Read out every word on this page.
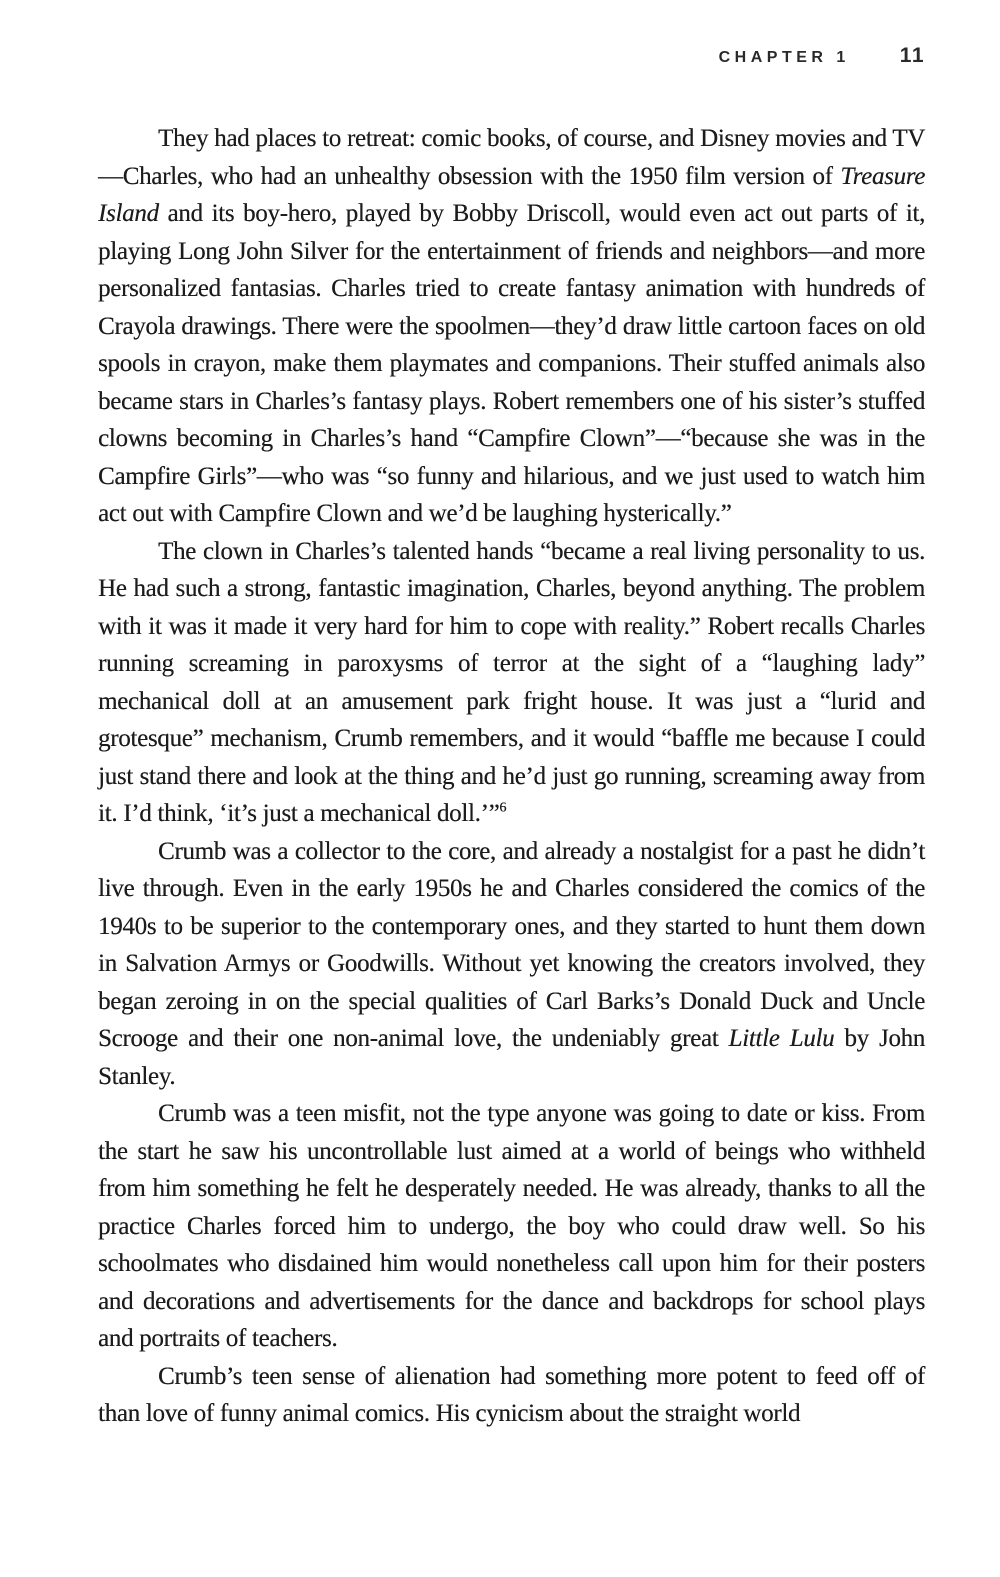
CHAPTER 1 11

They had places to retreat: comic books, of course, and Disney movies and TV—Charles, who had an unhealthy obsession with the 1950 film version of Treasure Island and its boy-hero, played by Bobby Driscoll, would even act out parts of it, playing Long John Silver for the entertainment of friends and neighbors—and more personalized fantasias. Charles tried to create fantasy animation with hundreds of Crayola drawings. There were the spoolmen—they’d draw little cartoon faces on old spools in crayon, make them playmates and companions. Their stuffed animals also became stars in Charles’s fantasy plays. Robert remembers one of his sister’s stuffed clowns becoming in Charles’s hand “Campfire Clown”—“because she was in the Campfire Girls”—who was “so funny and hilarious, and we just used to watch him act out with Campfire Clown and we’d be laughing hysterically.”

The clown in Charles’s talented hands “became a real living personality to us. He had such a strong, fantastic imagination, Charles, beyond anything. The problem with it was it made it very hard for him to cope with reality.” Robert recalls Charles running screaming in paroxysms of terror at the sight of a “laughing lady” mechanical doll at an amusement park fright house. It was just a “lurid and grotesque” mechanism, Crumb remembers, and it would “baffle me because I could just stand there and look at the thing and he’d just go running, screaming away from it. I’d think, ‘it’s just a mechanical doll.’”$^6$

Crumb was a collector to the core, and already a nostalgist for a past he didn’t live through. Even in the early 1950s he and Charles considered the comics of the 1940s to be superior to the contemporary ones, and they started to hunt them down in Salvation Armys or Goodwills. Without yet knowing the creators involved, they began zeroing in on the special qualities of Carl Barks’s Donald Duck and Uncle Scrooge and their one non-animal love, the undeniably great Little Lulu by John Stanley.

Crumb was a teen misfit, not the type anyone was going to date or kiss. From the start he saw his uncontrollable lust aimed at a world of beings who withheld from him something he felt he desperately needed. He was already, thanks to all the practice Charles forced him to undergo, the boy who could draw well. So his schoolmates who disdained him would nonetheless call upon him for their posters and decorations and advertisements for the dance and backdrops for school plays and portraits of teachers.

Crumb’s teen sense of alienation had something more potent to feed off of than love of funny animal comics. His cynicism about the straight world
